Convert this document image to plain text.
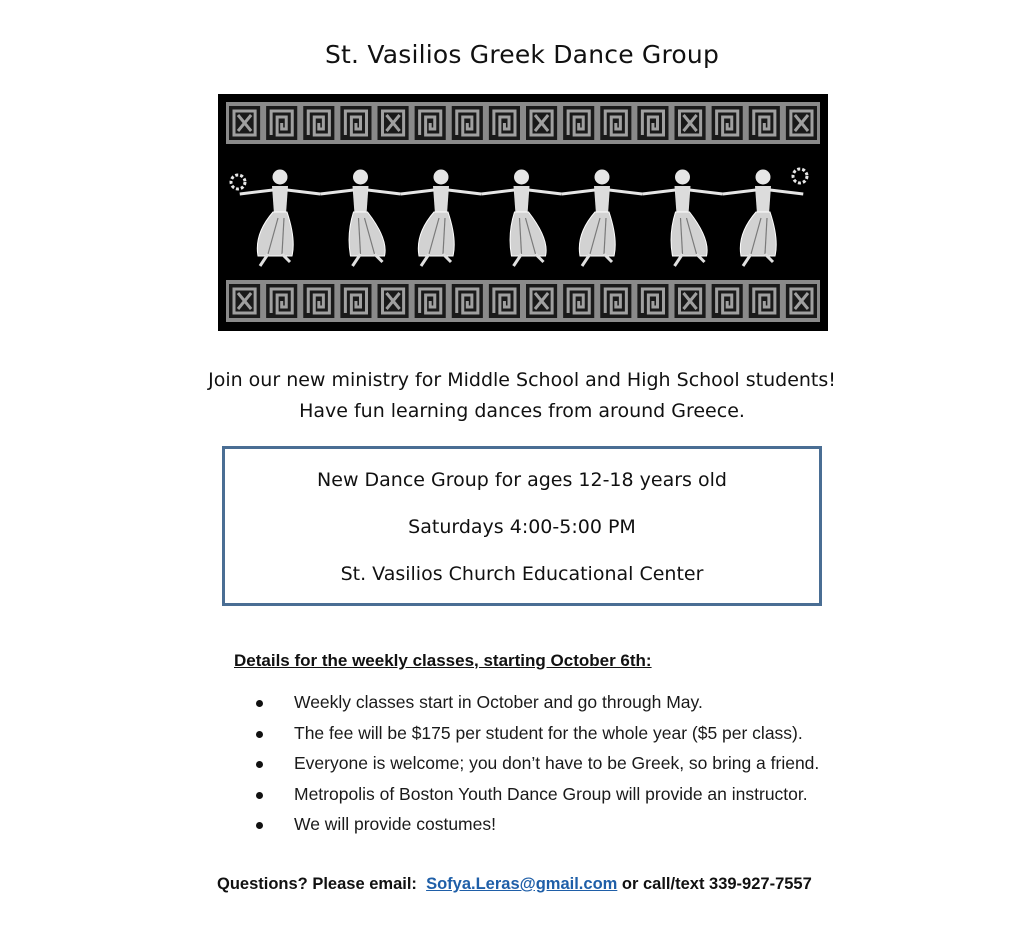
St. Vasilios Greek Dance Group
Join our new ministry for Middle School and High School students!
Have fun learning dances from around Greece.
New Dance Group for ages 12-18 years old
Saturdays 4:00-5:00 PM
St. Vasilios Church Educational Center
Details for the weekly classes, starting October 6th:
Weekly classes start in October and go through May.
The fee will be $175 per student for the whole year ($5 per class).
Everyone is welcome; you don’t have to be Greek, so bring a friend.
Metropolis of Boston Youth Dance Group will provide an instructor.
We will provide costumes!
Questions? Please email:  Sofya.Leras@gmail.com or call/text 339-927-7557
